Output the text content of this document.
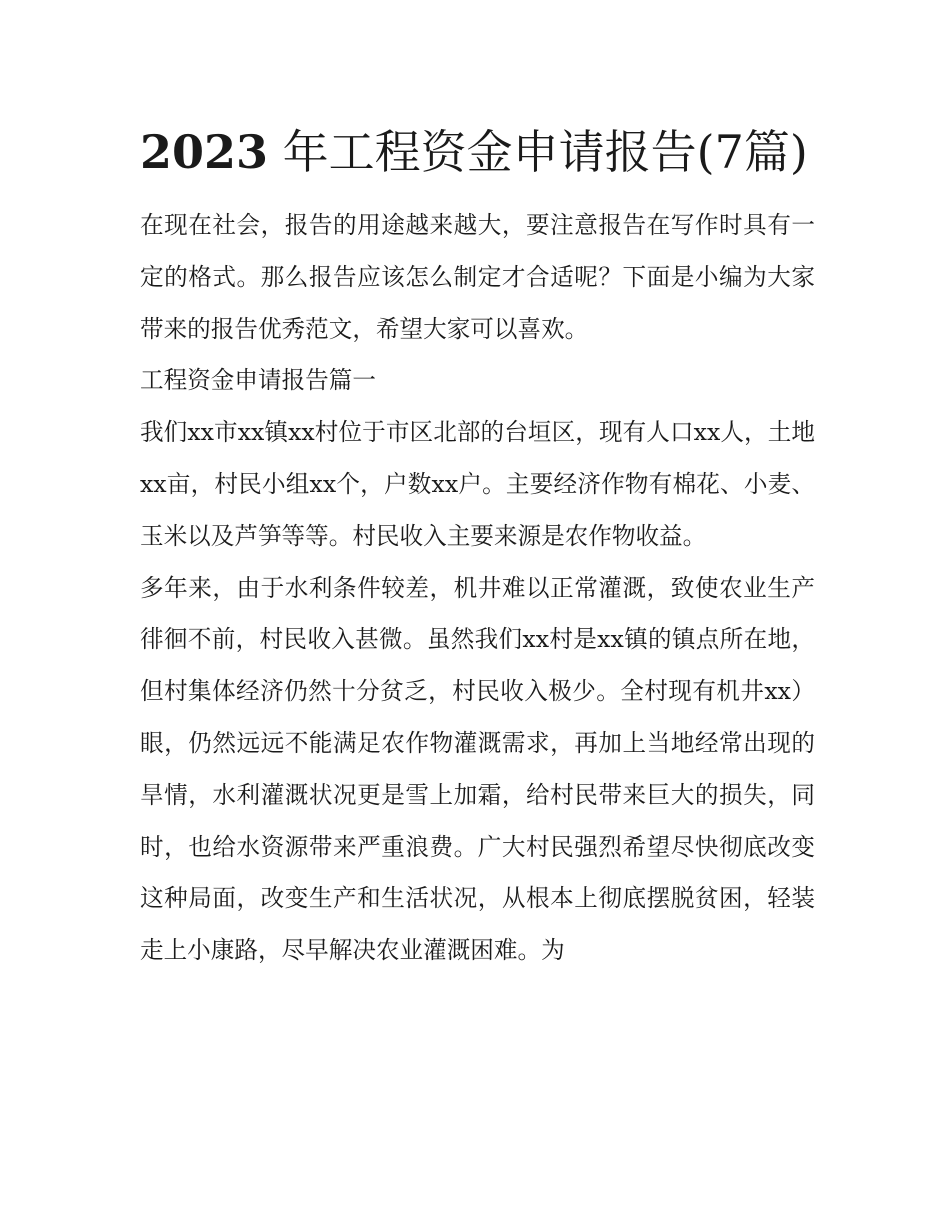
2023 年工程资金申请报告(7篇)

在现在社会，报告的用途越来越大，要注意报告在写作时具有一定的格式。那么报告应该怎么制定才合适呢？下面是小编为大家带来的报告优秀范文，希望大家可以喜欢。

工程资金申请报告篇一

我们xx市xx镇xx村位于市区北部的台垣区，现有人口xx人，土地xx亩，村民小组xx个，户数xx户。主要经济作物有棉花、小麦、玉米以及芦笋等等。村民收入主要来源是农作物收益。

多年来，由于水利条件较差，机井难以正常灌溉，致使农业生产徘徊不前，村民收入甚微。虽然我们xx村是xx镇的镇点所在地，但村集体经济仍然十分贫乏，村民收入极少。全村现有机井xx）眼，仍然远远不能满足农作物灌溉需求，再加上当地经常出现的旱情，水利灌溉状况更是雪上加霜，给村民带来巨大的损失，同时，也给水资源带来严重浪费。广大村民强烈希望尽快彻底改变这种局面，改变生产和生活状况，从根本上彻底摆脱贫困，轻装走上小康路，尽早解决农业灌溉困难。为
